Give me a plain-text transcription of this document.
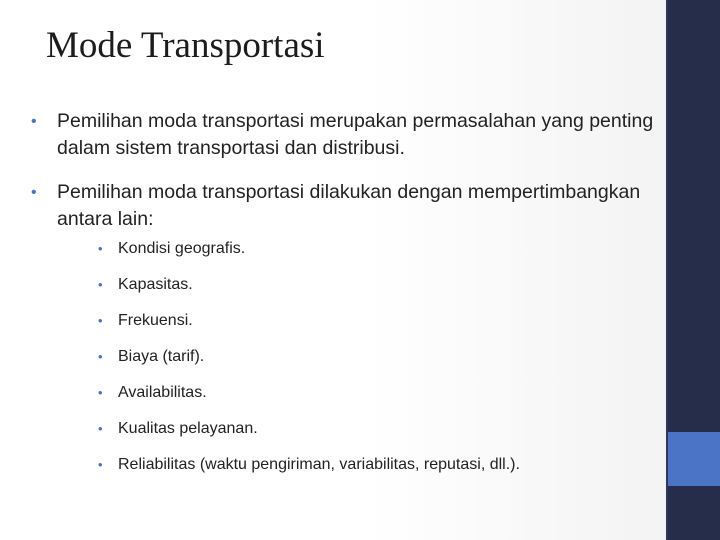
Mode Transportasi
• Pemilihan moda transportasi merupakan permasalahan yang penting dalam sistem transportasi dan distribusi.
• Pemilihan moda transportasi dilakukan dengan mempertimbangkan antara lain:
• Kondisi geografis.
• Kapasitas.
• Frekuensi.
• Biaya (tarif).
• Availabilitas.
• Kualitas pelayanan.
• Reliabilitas (waktu pengiriman, variabilitas, reputasi, dll.).
